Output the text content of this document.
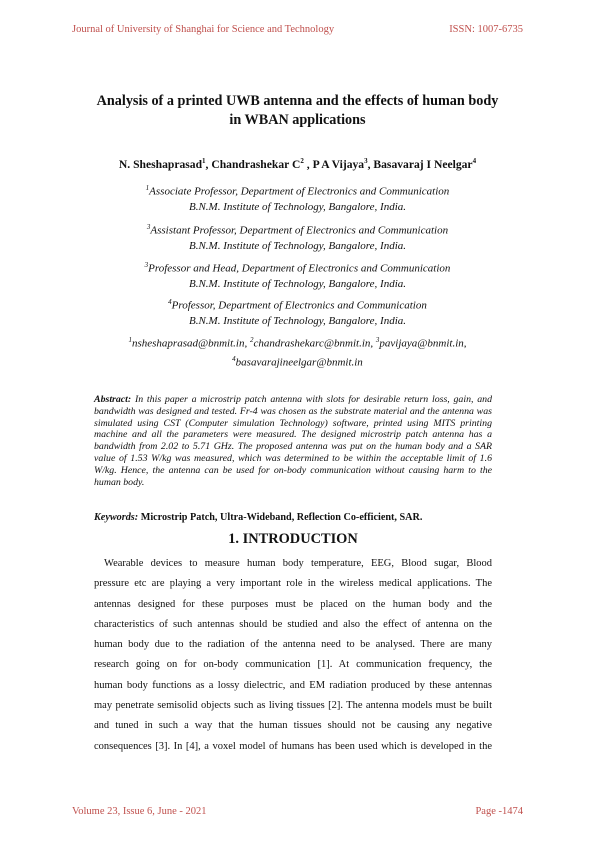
Journal of University of Shanghai for Science and Technology	ISSN: 1007-6735
Analysis of a printed UWB antenna and the effects of human body
in WBAN applications
N. Sheshaprasad$^1$, Chandrashekar $C^2$ , P A Vijaya$^3$, Basavaraj I Neelgar$^4$
$^1$Associate Professor, Department of Electronics and Communication
B.N.M. Institute of Technology, Bangalore, India.
$^3$Assistant Professor, Department of Electronics and Communication
B.N.M. Institute of Technology, Bangalore, India.
$^3$Professor and Head, Department of Electronics and Communication
B.N.M. Institute of Technology, Bangalore, India.
$^4$Professor, Department of Electronics and Communication
B.N.M. Institute of Technology, Bangalore, India.
$^1$nsheshaprasad@bnmit.in, $^2$chandrashekarc@bnmit.in, $^3$pavijaya@bnmit.in,
$^4$basavarajineelgar@bnmit.in
Abstract: In this paper a microstrip patch antenna with slots for desirable return loss, gain, and bandwidth was designed and tested. Fr-4 was chosen as the substrate material and the antenna was simulated using CST (Computer simulation Technology) software, printed using MITS printing machine and all the parameters were measured. The designed microstrip patch antenna has a bandwidth from 2.02 to 5.71 GHz. The proposed antenna was put on the human body and a SAR value of 1.53 W/kg was measured, which was determined to be within the acceptable limit of 1.6 W/kg. Hence, the antenna can be used for on-body communication without causing harm to the human body.
Keywords: Microstrip Patch, Ultra-Wideband, Reflection Co-efficient, SAR.
1. INTRODUCTION
Wearable devices to measure human body temperature, EEG, Blood sugar, Blood
pressure etc are playing a very important role in the wireless medical applications. The
antennas designed for these purposes must be placed on the human body and the
characteristics of such antennas should be studied and also the effect of antenna on the
human body due to the radiation of the antenna need to be analysed. There are many
research going on for on-body communication [1]. At communication frequency, the
human body functions as a lossy dielectric, and EM radiation produced by these antennas
may penetrate semisolid objects such as living tissues [2]. The antenna models must be built
and tuned in such a way that the human tissues should not be causing any negative
consequences [3]. In [4], a voxel model of humans has been used which is developed in the
Volume 23, Issue 6, June - 2021	Page -1474
